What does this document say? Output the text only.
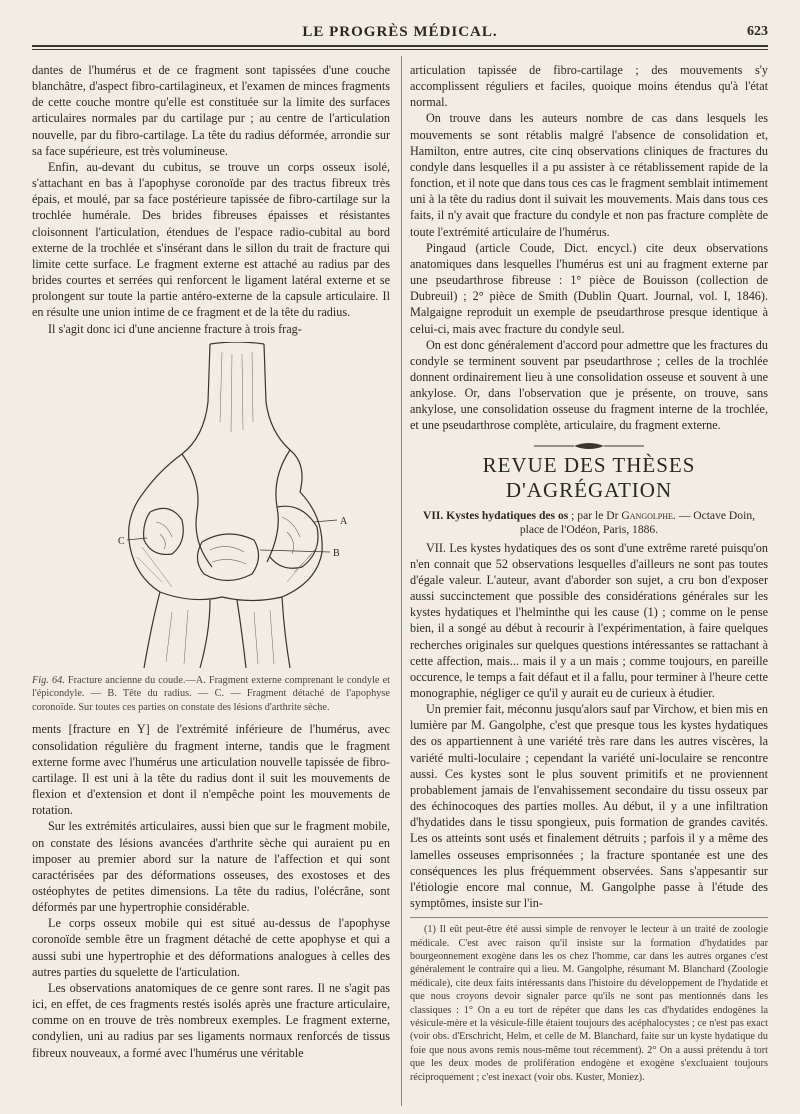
LE PROGRÈS MÉDICAL.	623

dantes de l'humérus et de ce fragment sont tapissées d'une couche blanchâtre, d'aspect fibro-cartilagineux, et l'examen de minces fragments de cette couche montre qu'elle est constituée sur la limite des surfaces articulaires normales par du cartilage pur ; au centre de l'articulation nouvelle, par du fibro-cartilage. La tête du radius déformée, arrondie sur sa face supérieure, est très volumineuse.

Enfin, au-devant du cubitus, se trouve un corps osseux isolé, s'attachant en bas à l'apophyse coronoïde par des tractus fibreux très épais, et moulé, par sa face postérieure tapissée de fibro-cartilage sur la trochlée humérale. Des brides fibreuses épaisses et résistantes cloisonnent l'articulation, étendues de l'espace radio-cubital au bord externe de la trochlée et s'insérant dans le sillon du trait de fracture qui limite cette surface. Le fragment externe est attaché au radius par des brides courtes et serrées qui renforcent le ligament latéral externe et se prolongent sur toute la partie antéro-externe de la capsule articulaire. Il en résulte une union intime de ce fragment et de la tête du radius.

Il s'agit donc ici d'une ancienne fracture à trois frag-

A
C
B
Fig. 64. Fracture ancienne du coude.—A. Fragment externe comprenant le condyle et l'épicondyle. — B. Tête du radius. — C. — Fragment détaché de l'apophyse coronoïde. Sur toutes ces parties on constate des lésions d'arthrite sèche.

ments [fracture en Y] de l'extrémité inférieure de l'humérus, avec consolidation régulière du fragment interne, tandis que le fragment externe forme avec l'humérus une articulation nouvelle tapissée de fibro-cartilage. Il est uni à la tête du radius dont il suit les mouvements de flexion et d'extension et dont il n'empêche point les mouvements de rotation.

Sur les extrémités articulaires, aussi bien que sur le fragment mobile, on constate des lésions avancées d'arthrite sèche qui auraient pu en imposer au premier abord sur la nature de l'affection et qui sont caractérisées par des déformations osseuses, des exostoses et des ostéophytes de petites dimensions. La tête du radius, l'olécrâne, sont déformés par une hypertrophie considérable.

Le corps osseux mobile qui est situé au-dessus de l'apophyse coronoïde semble être un fragment détaché de cette apophyse et qui a aussi subi une hypertrophie et des déformations analogues à celles des autres parties du squelette de l'articulation.

Les observations anatomiques de ce genre sont rares. Il ne s'agit pas ici, en effet, de ces fragments restés isolés après une fracture articulaire, comme on en trouve de très nombreux exemples. Le fragment externe, condylien, uni au radius par ses ligaments normaux renforcés de tissus fibreux nouveaux, a formé avec l'humérus une véritable

articulation tapissée de fibro-cartilage ; des mouvements s'y accomplissent réguliers et faciles, quoique moins étendus qu'à l'état normal.

On trouve dans les auteurs nombre de cas dans lesquels les mouvements se sont rétablis malgré l'absence de consolidation et, Hamilton, entre autres, cite cinq observations cliniques de fractures du condyle dans lesquelles il a pu assister à ce rétablissement rapide de la fonction, et il note que dans tous ces cas le fragment semblait intimement uni à la tête du radius dont il suivait les mouvements. Mais dans tous ces faits, il n'y avait que fracture du condyle et non pas fracture complète de toute l'extrémité articulaire de l'humérus.

Pingaud (article Coude, Dict. encycl.) cite deux observations anatomiques dans lesquelles l'humérus est uni au fragment externe par une pseudarthrose fibreuse : 1° pièce de Bouisson (collection de Dubreuil) ; 2° pièce de Smith (Dublin Quart. Journal, vol. I, 1846). Malgaigne reproduit un exemple de pseudarthrose presque identique à celui-ci, mais avec fracture du condyle seul.

On est donc généralement d'accord pour admettre que les fractures du condyle se terminent souvent par pseudarthrose ; celles de la trochlée donnent ordinairement lieu à une consolidation osseuse et souvent à une ankylose. Or, dans l'observation que je présente, on trouve, sans ankylose, une consolidation osseuse du fragment interne de la trochlée, et une pseudarthrose complète, articulaire, du fragment externe.

REVUE DES THÈSES D'AGRÉGATION
VII. Kystes hydatiques des os ; par le Dr Gangolphe. — Octave Doin, place de l'Odéon, Paris, 1886.

VII. Les kystes hydatiques des os sont d'une extrême rareté puisqu'on n'en connait que 52 observations lesquelles d'ailleurs ne sont pas toutes d'égale valeur. L'auteur, avant d'aborder son sujet, a cru bon d'exposer aussi succinctement que possible des considérations générales sur les kystes hydatiques et l'helminthe qui les cause (1) ; comme on le pense bien, il a songé au début à recourir à l'expérimentation, à faire quelques recherches originales sur quelques questions intéressantes se rattachant à cette affection, mais... mais il y a un mais ; comme toujours, en pareille occurence, le temps a fait défaut et il a fallu, pour terminer à l'heure cette monographie, négliger ce qu'il y aurait eu de curieux à étudier.

Un premier fait, méconnu jusqu'alors sauf par Virchow, et bien mis en lumière par M. Gangolphe, c'est que presque tous les kystes hydatiques des os appartiennent à une variété très rare dans les autres viscères, la variété multi-loculaire ; cependant la variété uni-loculaire se rencontre aussi. Ces kystes sont le plus souvent primitifs et ne proviennent probablement jamais de l'envahissement secondaire du tissu osseux par des échinocoques des parties molles. Au début, il y a une infiltration d'hydatides dans le tissu spongieux, puis formation de grandes cavités. Les os atteints sont usés et finalement détruits ; parfois il y a même des lamelles osseuses emprisonnées ; la fracture spontanée est une des conséquences les plus fréquemment observées. Sans s'appesantir sur l'étiologie encore mal connue, M. Gangolphe passe à l'étude des symptômes, insiste sur l'in-

(1) Il eût peut-être été aussi simple de renvoyer le lecteur à un traité de zoologie médicale. C'est avec raison qu'il insiste sur la formation d'hydatides par bourgeonnement exogène dans les os chez l'homme, car dans les autres organes c'est généralement le contraire qui a lieu. M. Gangolphe, résumant M. Blanchard (Zoologie médicale), cite deux faits intéressants dans l'histoire du développement de l'hydatide et que nous croyons devoir signaler parce qu'ils ne sont pas mentionnés dans les classiques : 1° On a eu tort de répéter que dans les cas d'hydatides endogènes la vésicule-mère et la vésicule-fille étaient toujours des acéphalocystes ; ce n'est pas exact (voir obs. d'Erschricht, Helm, et celle de M. Blanchard, faite sur un kyste hydatique du foie que nous avons remis nous-même tout récemment). 2° On a aussi prétendu à tort que les deux modes de prolifération endogène et exogène s'excluaient toujours réciproquement ; c'est inexact (voir obs. Kuster, Moniez).
